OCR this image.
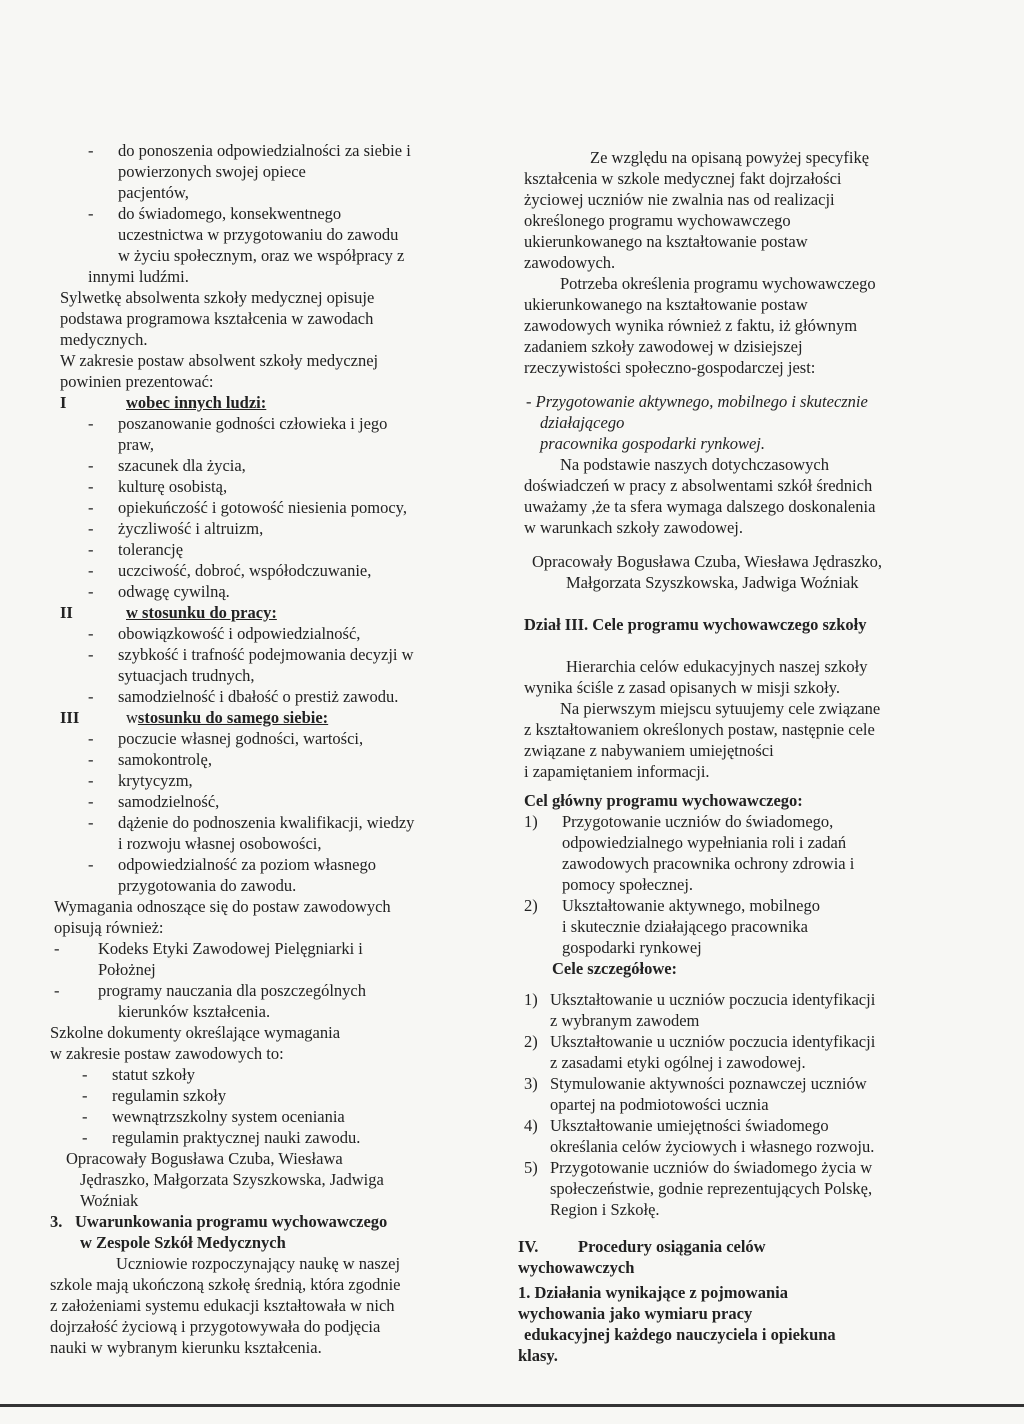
- do ponoszenia odpowiedzialności za siebie i
powierzonych swojej opiece
pacjentów,
- do świadomego, konsekwentnego
uczestnictwa w przygotowaniu do zawodu
w życiu społecznym, oraz we współpracy z
innymi ludźmi.
Sylwetkę absolwenta szkoły medycznej opisuje
podstawa programowa kształcenia w zawodach
medycznych.
W zakresie postaw absolwent szkoły medycznej
powinien prezentować:
I	wobec innych ludzi:
- poszanowanie godności człowieka i jego
praw,
- szacunek dla życia,
- kulturę osobistą,
- opiekuńczość i gotowość niesienia pomocy,
- życzliwość i altruizm,
- tolerancję
- uczciwość, dobroć, współodczuwanie,
- odwagę cywilną.
II	w stosunku do pracy:
- obowiązkowość i odpowiedzialność,
- szybkość i trafność podejmowania decyzji w
sytuacjach trudnych,
- samodzielność i dbałość o prestiż zawodu.
III	wstosunku do samego siebie:
- poczucie własnej godności, wartości,
- samokontrolę,
- krytycyzm,
- samodzielność,
- dążenie do podnoszenia kwalifikacji, wiedzy
i rozwoju własnej osobowości,
- odpowiedzialność za poziom własnego
przygotowania do zawodu.
Wymagania odnoszące się do postaw zawodowych
opisują również:
- Kodeks Etyki Zawodowej Pielęgniarki i
Położnej
- programy nauczania dla poszczególnych
kierunków kształcenia.
Szkolne dokumenty określające wymagania
w zakresie postaw zawodowych to:
- statut szkoły
- regulamin szkoły
- wewnątrzszkolny system oceniania
- regulamin praktycznej nauki zawodu.
Opracowały Bogusława Czuba, Wiesława
Jędraszko, Małgorzata Szyszkowska, Jadwiga
Woźniak
3. Uwarunkowania programu wychowawczego
w Zespole Szkół Medycznych
Uczniowie rozpoczynający naukę w naszej
szkole mają ukończoną szkołę średnią, która zgodnie
z założeniami systemu edukacji kształtowała w nich
dojrzałość życiową i przygotowywała do podjęcia
nauki w wybranym kierunku kształcenia.
Ze względu na opisaną powyżej specyfikę
kształcenia w szkole medycznej fakt dojrzałości
życiowej uczniów nie zwalnia nas od realizacji
określonego programu wychowawczego
ukierunkowanego na kształtowanie postaw
zawodowych.
Potrzeba określenia programu wychowawczego
ukierunkowanego na kształtowanie postaw
zawodowych wynika również z faktu, iż głównym
zadaniem szkoły zawodowej w dzisiejszej
rzeczywistości społeczno-gospodarczej jest:
- Przygotowanie aktywnego, mobilnego i skutecznie
działającego
pracownika gospodarki rynkowej.
Na podstawie naszych dotychczasowych
doświadczeń w pracy z absolwentami szkół średnich
uważamy ,że ta sfera wymaga dalszego doskonalenia
w warunkach szkoły zawodowej.
Opracowały Bogusława Czuba, Wiesława Jędraszko,
Małgorzata Szyszkowska, Jadwiga Woźniak
Dział III. Cele programu wychowawczego szkoły
Hierarchia celów edukacyjnych naszej szkoły
wynika ściśle z zasad opisanych w misji szkoły.
Na pierwszym miejscu sytuujemy cele związane
z kształtowaniem określonych postaw, następnie cele
związane z nabywaniem umiejętności
i zapamiętaniem informacji.
Cel główny programu wychowawczego:
1) Przygotowanie uczniów do świadomego,
odpowiedzialnego wypełniania roli i zadań
zawodowych pracownika ochrony zdrowia i
pomocy społecznej.
2) Ukształtowanie aktywnego, mobilnego
i skutecznie działającego pracownika
gospodarki rynkowej
Cele szczegółowe:
1) Ukształtowanie u uczniów poczucia identyfikacji
z wybranym zawodem
2) Ukształtowanie u uczniów poczucia identyfikacji
z zasadami etyki ogólnej i zawodowej.
3) Stymulowanie aktywności poznawczej uczniów
opartej na podmiotowości ucznia
4) Ukształtowanie umiejętności świadomego
określania celów życiowych i własnego rozwoju.
5) Przygotowanie uczniów do świadomego życia w
społeczeństwie, godnie reprezentujących Polskę,
Region i Szkołę.
IV. Procedury osiągania celów
wychowawczych
1. Działania wynikające z pojmowania
wychowania jako wymiaru pracy
edukacyjnej każdego nauczyciela i opiekuna
klasy.
